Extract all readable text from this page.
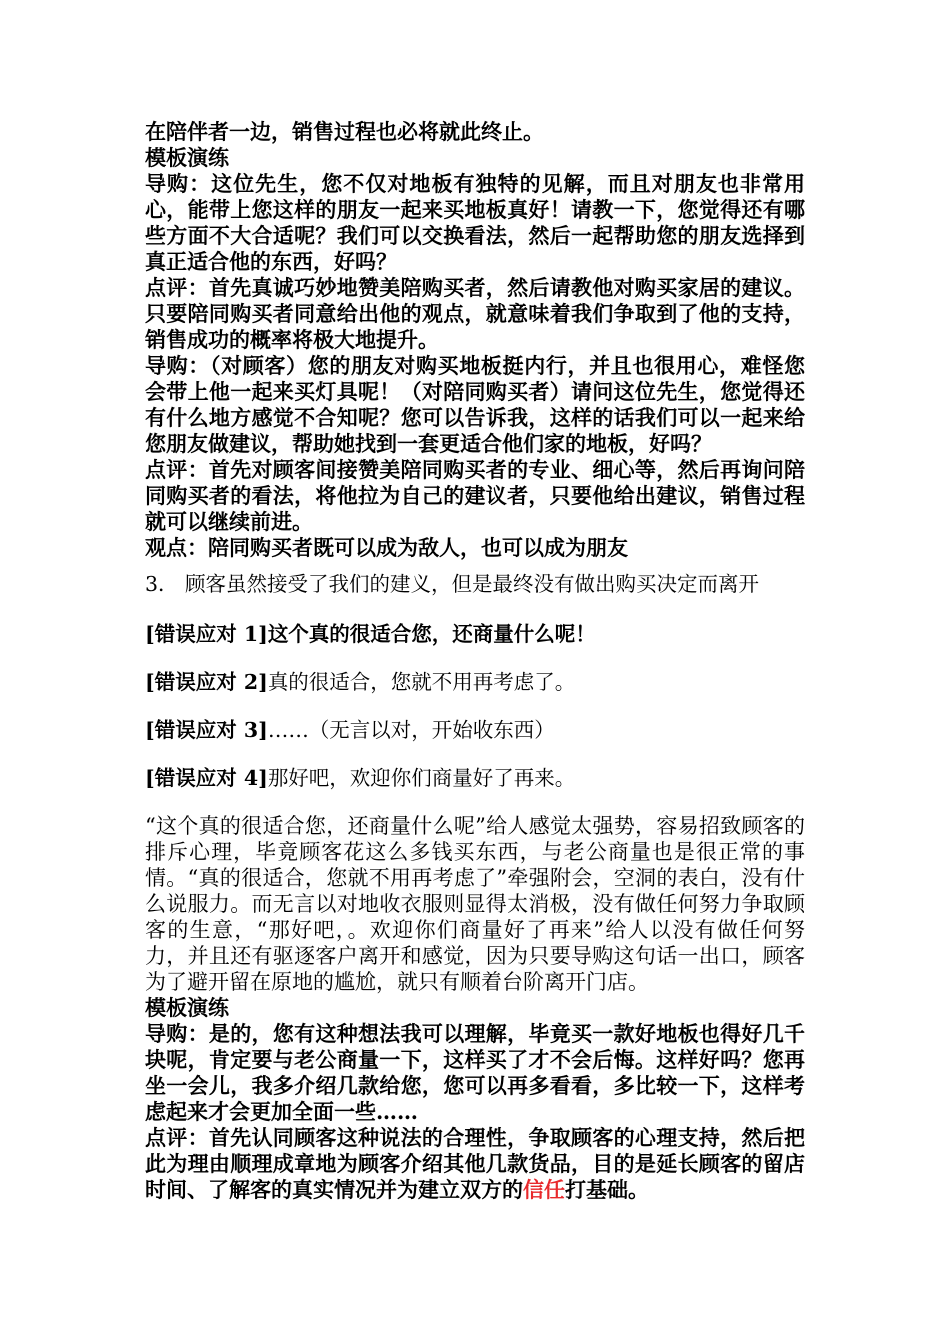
在陪伴者一边，销售过程也必将就此终止。

模板演练

导购：这位先生，您不仅对地板有独特的见解，而且对朋友也非常用心，能带上您这样的朋友一起来买地板真好！请教一下，您觉得还有哪些方面不大合适呢？我们可以交换看法，然后一起帮助您的朋友选择到真正适合他的东西，好吗？

点评：首先真诚巧妙地赞美陪购买者，然后请教他对购买家居的建议。只要陪同购买者同意给出他的观点，就意味着我们争取到了他的支持，销售成功的概率将极大地提升。

导购：（对顾客）您的朋友对购买地板挺内行，并且也很用心，难怪您会带上他一起来买灯具呢！（对陪同购买者）请问这位先生，您觉得还有什么地方感觉不合知呢？您可以告诉我，这样的话我们可以一起来给您朋友做建议，帮助她找到一套更适合他们家的地板，好吗？

点评：首先对顾客间接赞美陪同购买者的专业、细心等，然后再询问陪同购买者的看法，将他拉为自己的建议者，只要他给出建议，销售过程就可以继续前进。

观点：陪同购买者既可以成为敌人，也可以成为朋友

3． 顾客虽然接受了我们的建义，但是最终没有做出购买决定而离开

[错误应对 1]这个真的很适合您，还商量什么呢！

[错误应对 2]真的很适合，您就不用再考虑了。

[错误应对 3]……（无言以对，开始收东西）

[错误应对 4]那好吧，欢迎你们商量好了再来。

“这个真的很适合您，还商量什么呢”给人感觉太强势，容易招致顾客的排斥心理，毕竟顾客花这么多钱买东西，与老公商量也是很正常的事情。“真的很适合，您就不用再考虑了”牵强附会，空洞的表白，没有什么说服力。而无言以对地收衣服则显得太消极，没有做任何努力争取顾客的生意，“那好吧，。欢迎你们商量好了再来”给人以没有做任何努力，并且还有驱逐客户离开和感觉，因为只要导购这句话一出口，顾客为了避开留在原地的尴尬，就只有顺着台阶离开门店。

模板演练

导购：是的，您有这种想法我可以理解，毕竟买一款好地板也得好几千块呢，肯定要与老公商量一下，这样买了才不会后悔。这样好吗？您再坐一会儿，我多介绍几款给您，您可以再多看看，多比较一下，这样考虑起来才会更加全面一些……

点评：首先认同顾客这种说法的合理性，争取顾客的心理支持，然后把此为理由顺理成章地为顾客介绍其他几款货品，目的是延长顾客的留店时间、了解客的真实情况并为建立双方的信任打基础。
